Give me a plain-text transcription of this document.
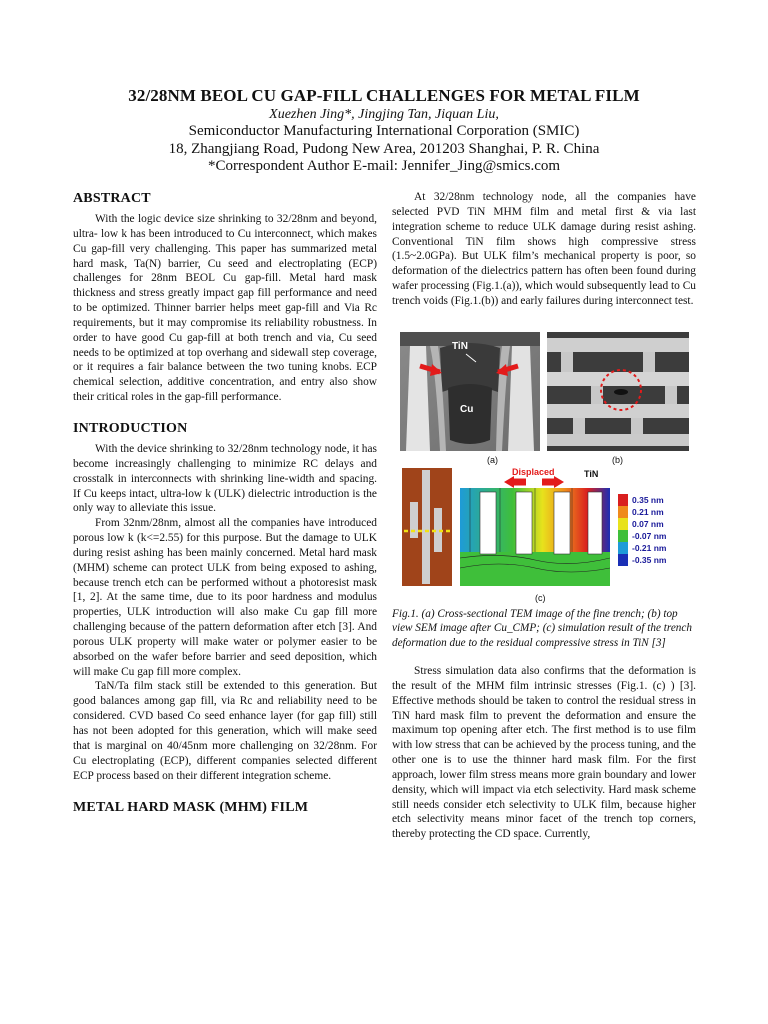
32/28NM BEOL CU GAP-FILL CHALLENGES FOR METAL FILM
Xuezhen Jing*, Jingjing Tan, Jiquan Liu,
Semiconductor Manufacturing International Corporation (SMIC)
18, Zhangjiang Road, Pudong New Area, 201203 Shanghai, P. R. China
*Correspondent Author E-mail: Jennifer_Jing@smics.com
ABSTRACT

With the logic device size shrinking to 32/28nm and beyond, ultra- low k has been introduced to Cu interconnect, which makes Cu gap-fill very challenging. This paper has summarized metal hard mask, Ta(N) barrier, Cu seed and electroplating (ECP) challenges for 28nm BEOL Cu gap-fill. Metal hard mask thickness and stress greatly impact gap fill performance and need to be optimized. Thinner barrier helps meet gap-fill and Via Rc requirements, but it may compromise its reliability robustness. In order to have good Cu gap-fill at both trench and via, Cu seed needs to be optimized at top overhang and sidewall step coverage, or it requires a fair balance between the two tuning knobs. ECP chemical selection, additive concentration, and entry also show their critical roles in the gap-fill performance.

INTRODUCTION

With the device shrinking to 32/28nm technology node, it has become increasingly challenging to minimize RC delays and crosstalk in interconnects with shrinking line-width and spacing. If Cu keeps intact, ultra-low k (ULK) dielectric introduction is the only way to alleviate this issue.

From 32nm/28nm, almost all the companies have introduced porous low k (k<=2.55) for this purpose. But the damage to ULK during resist ashing has been mainly concerned. Metal hard mask (MHM) scheme can protect ULK from being exposed to ashing, because trench etch can be performed without a photoresist mask [1, 2]. At the same time, due to its poor hardness and modulus properties, ULK introduction will also make Cu gap fill more challenging because of the pattern deformation after etch [3]. And porous ULK property will make water or polymer easier to be absorbed on the wafer before barrier and seed deposition, which will make Cu gap fill more complex.

TaN/Ta film stack still be extended to this generation. But good balances among gap fill, via Rc and reliability need to be considered. CVD based Co seed enhance layer (for gap fill) still has not been adopted for this generation, which will make seed that is marginal on 40/45nm more challenging on 32/28nm. For Cu electroplating (ECP), different companies selected different ECP process based on their different integration scheme.

METAL HARD MASK (MHM) FILM

At 32/28nm technology node, all the companies have selected PVD TiN MHM film and metal first & via last integration scheme to reduce ULK damage during resist ashing. Conventional TiN film shows high compressive stress (1.5~2.0GPa). But ULK film’s mechanical property is poor, so deformation of the dielectrics pattern has often been found during wafer processing (Fig.1.(a)), which would subsequently lead to Cu trench voids (Fig.1.(b)) and early failures during interconnect test.

TiN
Cu
(a)	(b)
Displaced	TiN
0.35 nm
0.21 nm
0.07 nm
-0.07 nm
-0.21 nm
-0.35 nm
(c)
Fig.1. (a) Cross-sectional TEM image of the fine trench; (b) top view SEM image after Cu_CMP; (c) simulation result of the trench deformation due to the residual compressive stress in TiN [3]

Stress simulation data also confirms that the deformation is the result of the MHM film intrinsic stresses (Fig.1. (c) ) [3]. Effective methods should be taken to control the residual stress in TiN hard mask film to prevent the deformation and ensure the maximum top opening after etch. The first method is to use film with low stress that can be achieved by the process tuning, and the other one is to use the thinner hard mask film. For the first approach, lower film stress means more grain boundary and lower density, which will impact via etch selectivity. Hard mask scheme still needs consider etch selectivity to ULK film, because higher etch selectivity means minor facet of the trench top corners, thereby protecting the CD space. Currently,
